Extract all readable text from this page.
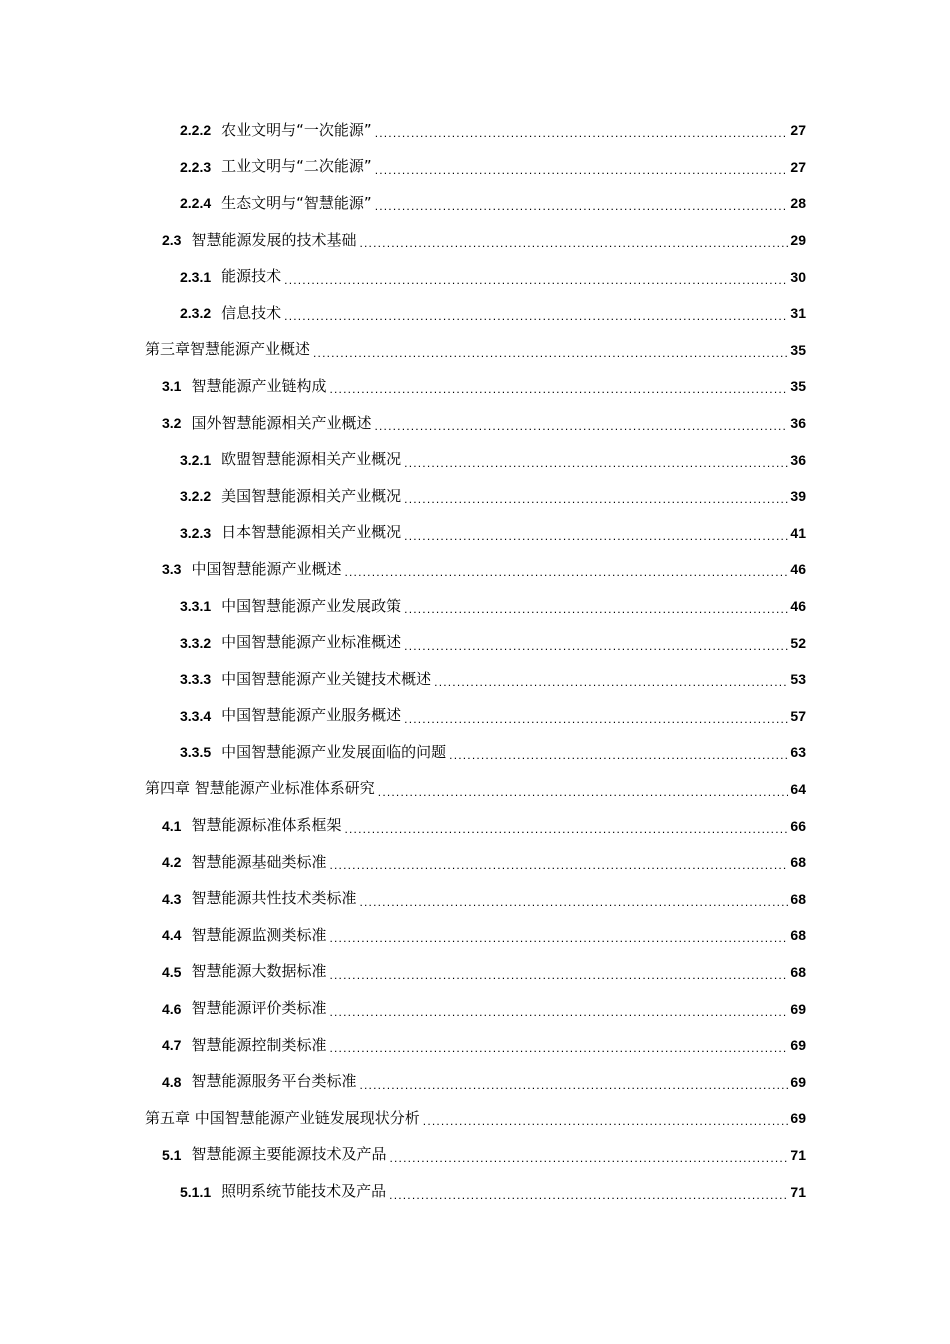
2.2.2 农业文明与“一次能源” .....	27
2.2.3 工业文明与“二次能源” .....	27
2.2.4 生态文明与“智慧能源” .....	28
2.3 智慧能源发展的技术基础 .....	29
2.3.1 能源技术 .....	30
2.3.2 信息技术 .....	31
第三章智慧能源产业概述 .....	35
3.1 智慧能源产业链构成 .....	35
3.2 国外智慧能源相关产业概述 .....	36
3.2.1 欧盟智慧能源相关产业概况 .....	36
3.2.2 美国智慧能源相关产业概况 .....	39
3.2.3 日本智慧能源相关产业概况 .....	41
3.3 中国智慧能源产业概述 .....	46
3.3.1 中国智慧能源产业发展政策 .....	46
3.3.2 中国智慧能源产业标准概述 .....	52
3.3.3 中国智慧能源产业关键技术概述 .....	53
3.3.4 中国智慧能源产业服务概述 .....	57
3.3.5 中国智慧能源产业发展面临的问题 .....	63
第四章 智慧能源产业标准体系研究 .....	64
4.1 智慧能源标准体系框架 .....	66
4.2 智慧能源基础类标准 .....	68
4.3 智慧能源共性技术类标准 .....	68
4.4 智慧能源监测类标准 .....	68
4.5 智慧能源大数据标准 .....	68
4.6 智慧能源评价类标准 .....	69
4.7 智慧能源控制类标准 .....	69
4.8 智慧能源服务平台类标准 .....	69
第五章 中国智慧能源产业链发展现状分析 .....	69
5.1 智慧能源主要能源技术及产品 .....	71
5.1.1 照明系统节能技术及产品 .....	71
